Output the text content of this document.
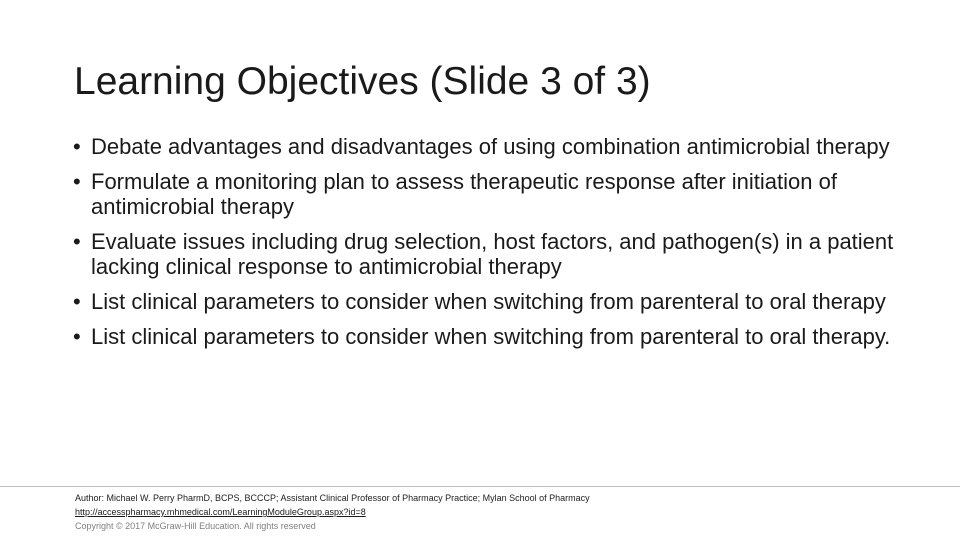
Learning Objectives (Slide 3 of 3)
• Debate advantages and disadvantages of using combination antimicrobial therapy
• Formulate a monitoring plan to assess therapeutic response after initiation of antimicrobial therapy
• Evaluate issues including drug selection, host factors, and pathogen(s) in a patient lacking clinical response to antimicrobial therapy
• List clinical parameters to consider when switching from parenteral to oral therapy
• List clinical parameters to consider when switching from parenteral to oral therapy.
Author: Michael W. Perry PharmD, BCPS, BCCCP; Assistant Clinical Professor of Pharmacy Practice; Mylan School of Pharmacy
http://accesspharmacy.mhmedical.com/LearningModuleGroup.aspx?id=8
Copyright © 2017 McGraw-Hill Education. All rights reserved
